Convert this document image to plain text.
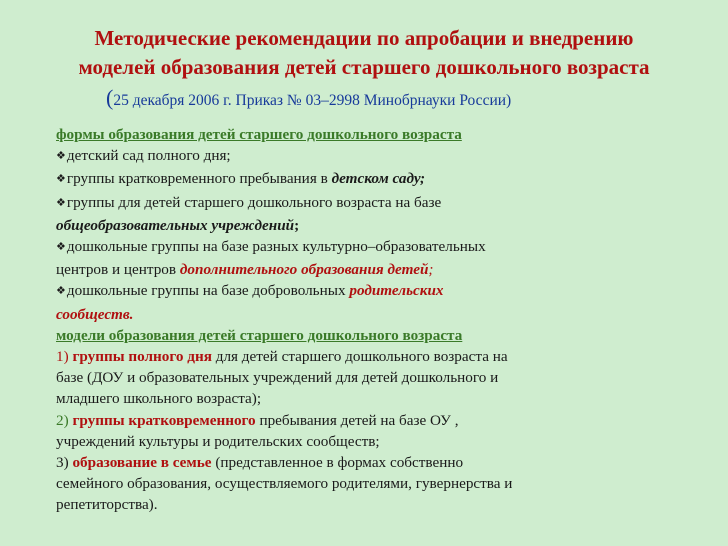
Методические рекомендации по апробации и внедрению
моделей образования детей старшего дошкольного возраста
(25 декабря 2006 г. Приказ № 03–2998 Минобрнауки России)
формы образования детей старшего дошкольного возраста
❖детский сад полного дня;
❖группы кратковременного пребывания в детском саду;
❖группы для детей старшего дошкольного возраста на базе
общеобразовательных учреждений;
❖дошкольные группы на базе разных культурно–образовательных
центров и центров дополнительного образования детей;
❖дошкольные группы на базе добровольных родительских
сообществ.
модели образования детей старшего дошкольного возраста
1) группы полного дня для детей старшего дошкольного возраста на
базе (ДОУ и образовательных учреждений для детей дошкольного и
младшего школьного возраста);
2) группы кратковременного пребывания детей на базе ОУ ,
учреждений культуры и родительских сообществ;
3) образование в семье (представленное в формах собственно
семейного образования, осуществляемого родителями, гувернерства и
репетиторства).
